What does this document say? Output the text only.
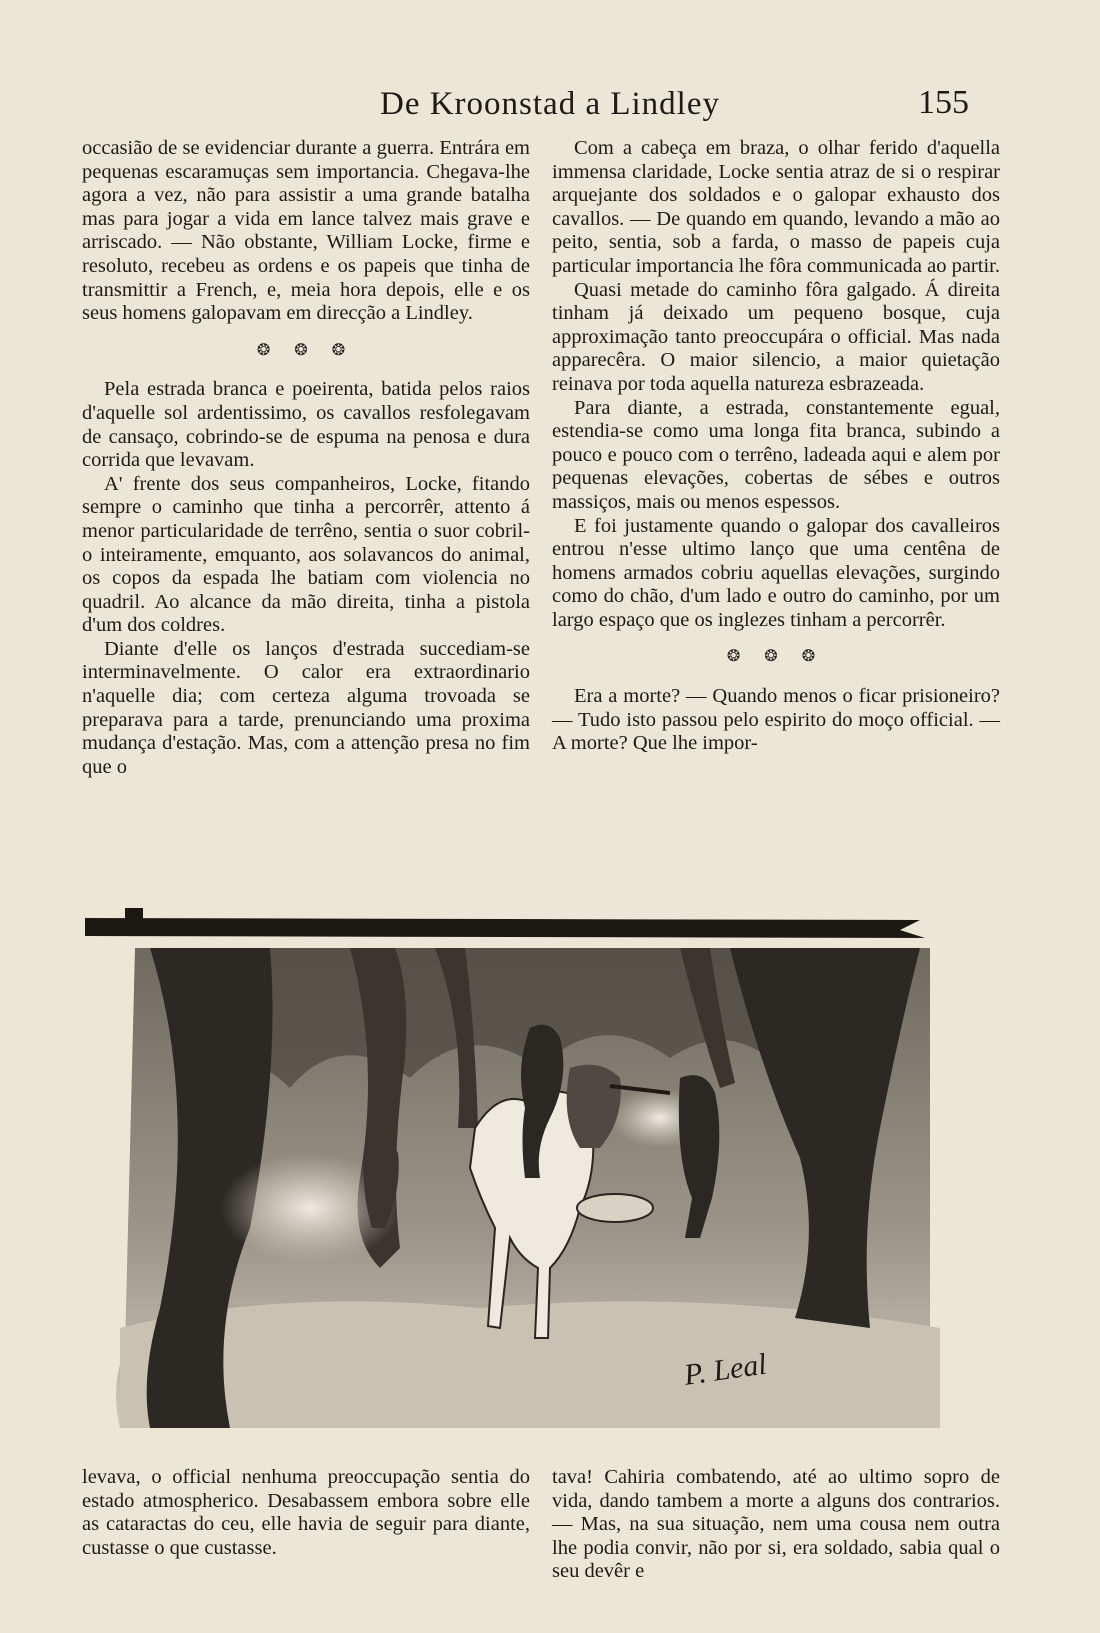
De Kroonstad a Lindley	155

occasião de se evidenciar durante a guerra. Entrára em pequenas escaramuças sem importancia. Chegava-lhe agora a vez, não para assistir a uma grande batalha mas para jogar a vida em lance talvez mais grave e arriscado. — Não obstante, William Locke, firme e resoluto, recebeu as ordens e os papeis que tinha de transmittir a French, e, meia hora depois, elle e os seus homens galopavam em direcção a Lindley.

❂ ❂ ❂

Pela estrada branca e poeirenta, batida pelos raios d'aquelle sol ardentissimo, os cavallos resfolegavam de cansaço, cobrindo-se de espuma na penosa e dura corrida que levavam.

A' frente dos seus companheiros, Locke, fitando sempre o caminho que tinha a percorrêr, attento á menor particularidade de terrêno, sentia o suor cobril-o inteiramente, emquanto, aos solavancos do animal, os copos da espada lhe batiam com violencia no quadril. Ao alcance da mão direita, tinha a pistola d'um dos coldres.

Diante d'elle os lanços d'estrada succediam-se interminavelmente. O calor era extraordinario n'aquelle dia; com certeza alguma trovoada se preparava para a tarde, prenunciando uma proxima mudança d'estação. Mas, com a attenção presa no fim que o

Com a cabeça em braza, o olhar ferido d'aquella immensa claridade, Locke sentia atraz de si o respirar arquejante dos soldados e o galopar exhausto dos cavallos. — De quando em quando, levando a mão ao peito, sentia, sob a farda, o masso de papeis cuja particular importancia lhe fôra communicada ao partir.

Quasi metade do caminho fôra galgado. Á direita tinham já deixado um pequeno bosque, cuja approximação tanto preoccupára o official. Mas nada apparecêra. O maior silencio, a maior quietação reinava por toda aquella natureza esbrazeada.

Para diante, a estrada, constantemente egual, estendia-se como uma longa fita branca, subindo a pouco e pouco com o terrêno, ladeada aqui e alem por pequenas elevações, cobertas de sébes e outros massiços, mais ou menos espessos.

E foi justamente quando o galopar dos cavalleiros entrou n'esse ultimo lanço que uma centêna de homens armados cobriu aquellas elevações, surgindo como do chão, d'um lado e outro do caminho, por um largo espaço que os inglezes tinham a percorrêr.

❂ ❂ ❂

Era a morte? — Quando menos o ficar prisioneiro? — Tudo isto passou pelo espirito do moço official. — A morte? Que lhe impor-

P. Leal

levava, o official nenhuma preoccupação sentia do estado atmospherico. Desabassem embora sobre elle as cataractas do ceu, elle havia de seguir para diante, custasse o que custasse.

tava! Cahiria combatendo, até ao ultimo sopro de vida, dando tambem a morte a alguns dos contrarios. — Mas, na sua situação, nem uma cousa nem outra lhe podia convir, não por si, era soldado, sabia qual o seu devêr e
